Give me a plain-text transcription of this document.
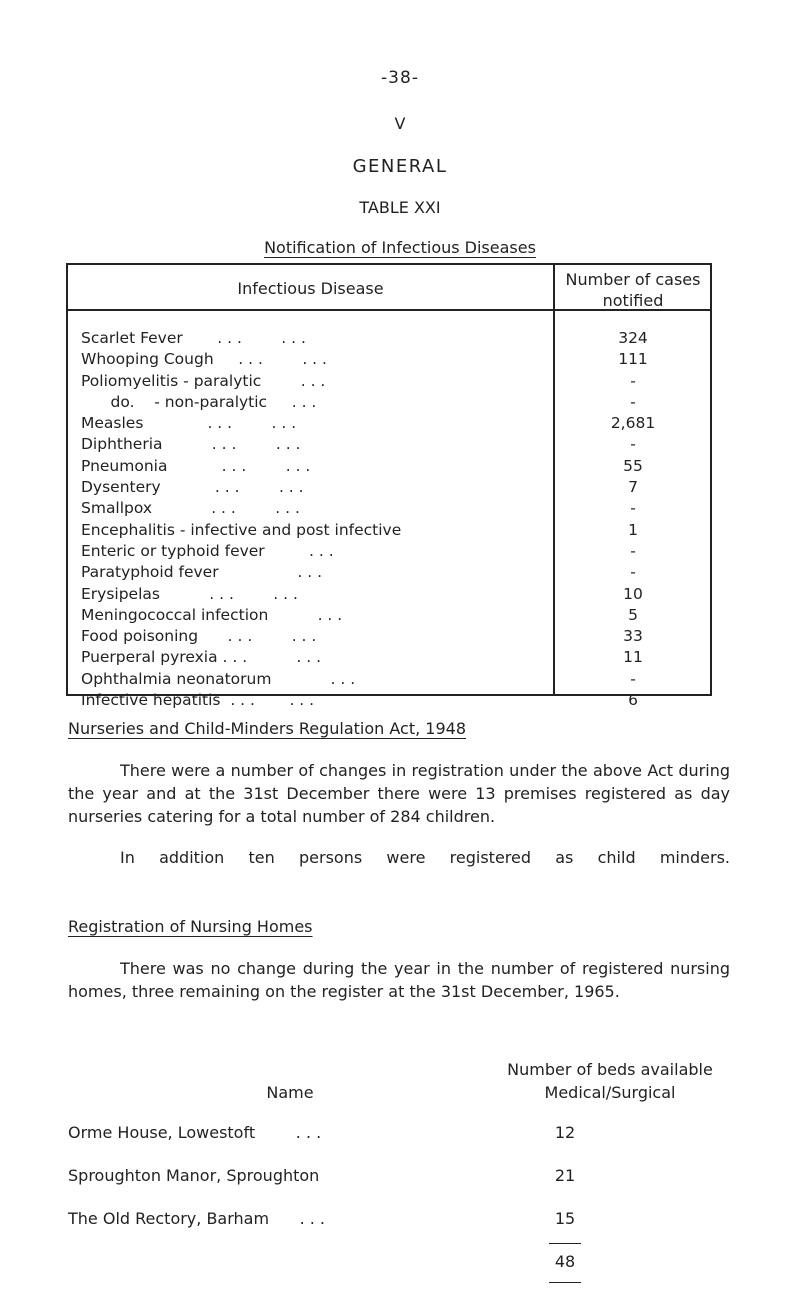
-38-
V
GENERAL
TABLE XXI
Notification of Infectious Diseases
Infectious Disease	Number of cases
notified
Scarlet Fever       . . .        . . .	324
Whooping Cough     . . .        . . .	111
Poliomyelitis - paralytic        . . .	-
do.    - non-paralytic     . . .	-
Measles             . . .        . . .	2,681
Diphtheria          . . .        . . .	-
Pneumonia           . . .        . . .	55
Dysentery           . . .        . . .	7
Smallpox            . . .        . . .	-
Encephalitis - infective and post infective	1
Enteric or typhoid fever         . . .	-
Paratyphoid fever                . . .	-
Erysipelas          . . .        . . .	10
Meningococcal infection          . . .	5
Food poisoning      . . .        . . .	33
Puerperal pyrexia . . .          . . .	11
Ophthalmia neonatorum            . . .	-
Infective hepatitis  . . .       . . .	6
Nurseries and Child-Minders Regulation Act, 1948
There were a number of changes in registration under the above Act during the year and at the 31st December there were 13 premises registered as day nurseries catering for a total number of 284 children.
In addition ten persons were registered as child minders.
Registration of Nursing Homes
There was no change during the year in the number of registered nursing homes, three remaining on the register at the 31st December, 1965.
Name
Number of beds available
Medical/Surgical
Orme House, Lowestoft        . . .	12
Sproughton Manor, Sproughton	21
The Old Rectory, Barham      . . .	15
48
